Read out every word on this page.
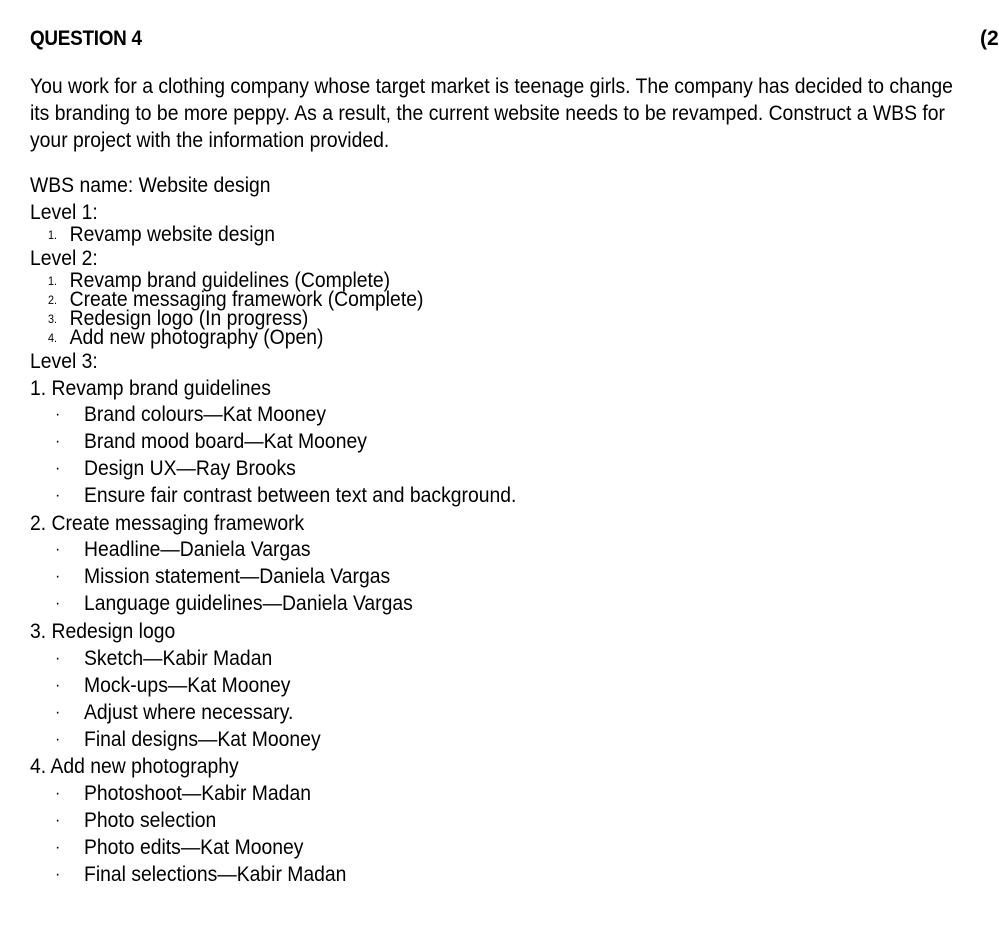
QUESTION 4	(2
You work for a clothing company whose target market is teenage girls. The company has decided to change
its branding to be more peppy. As a result, the current website needs to be revamped. Construct a WBS for
your project with the information provided.
WBS name: Website design
Level 1:
1. Revamp website design
Level 2:
1. Revamp brand guidelines (Complete)
2. Create messaging framework (Complete)
3. Redesign logo (In progress)
4. Add new photography (Open)
Level 3:
1. Revamp brand guidelines
· Brand colours—Kat Mooney
· Brand mood board—Kat Mooney
· Design UX—Ray Brooks
· Ensure fair contrast between text and background.
2. Create messaging framework
· Headline—Daniela Vargas
· Mission statement—Daniela Vargas
· Language guidelines—Daniela Vargas
3. Redesign logo
· Sketch—Kabir Madan
· Mock-ups—Kat Mooney
· Adjust where necessary.
· Final designs—Kat Mooney
4. Add new photography
· Photoshoot—Kabir Madan
· Photo selection
· Photo edits—Kat Mooney
· Final selections—Kabir Madan
